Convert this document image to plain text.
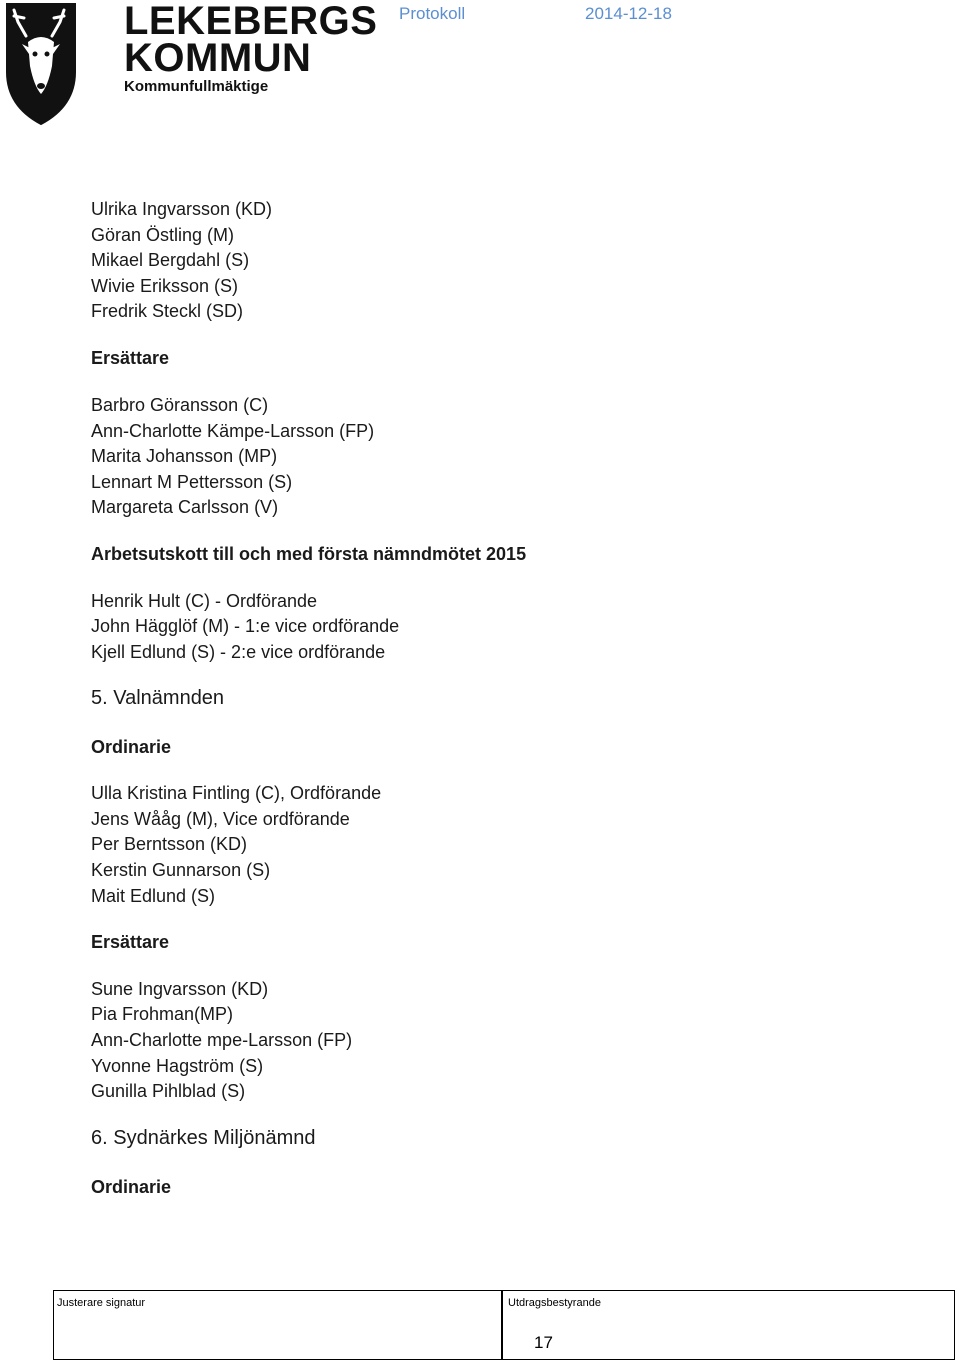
LEKEBERGS
KOMMUN
Kommunfullmäktige
Protokoll	2014-12-18
Ulrika Ingvarsson (KD)
Göran Östling (M)
Mikael Bergdahl (S)
Wivie Eriksson (S)
Fredrik Steckl (SD)
Ersättare
Barbro Göransson (C)
Ann-Charlotte Kämpe-Larsson (FP)
Marita Johansson (MP)
Lennart M Pettersson (S)
Margareta Carlsson (V)
Arbetsutskott till och med första nämndmötet 2015
Henrik Hult (C) - Ordförande
John Hägglöf (M) - 1:e vice ordförande
Kjell Edlund (S) - 2:e vice ordförande
5. Valnämnden
Ordinarie
Ulla Kristina Fintling (C), Ordförande
Jens Wååg (M), Vice ordförande
Per Berntsson (KD)
Kerstin Gunnarson (S)
Mait Edlund (S)
Ersättare
Sune Ingvarsson (KD)
Pia Frohman(MP)
Ann-Charlotte mpe-Larsson (FP)
Yvonne Hagström (S)
Gunilla Pihlblad (S)
6. Sydnärkes Miljönämnd
Ordinarie
Justerare signatur	Utdragsbestyrande
17
